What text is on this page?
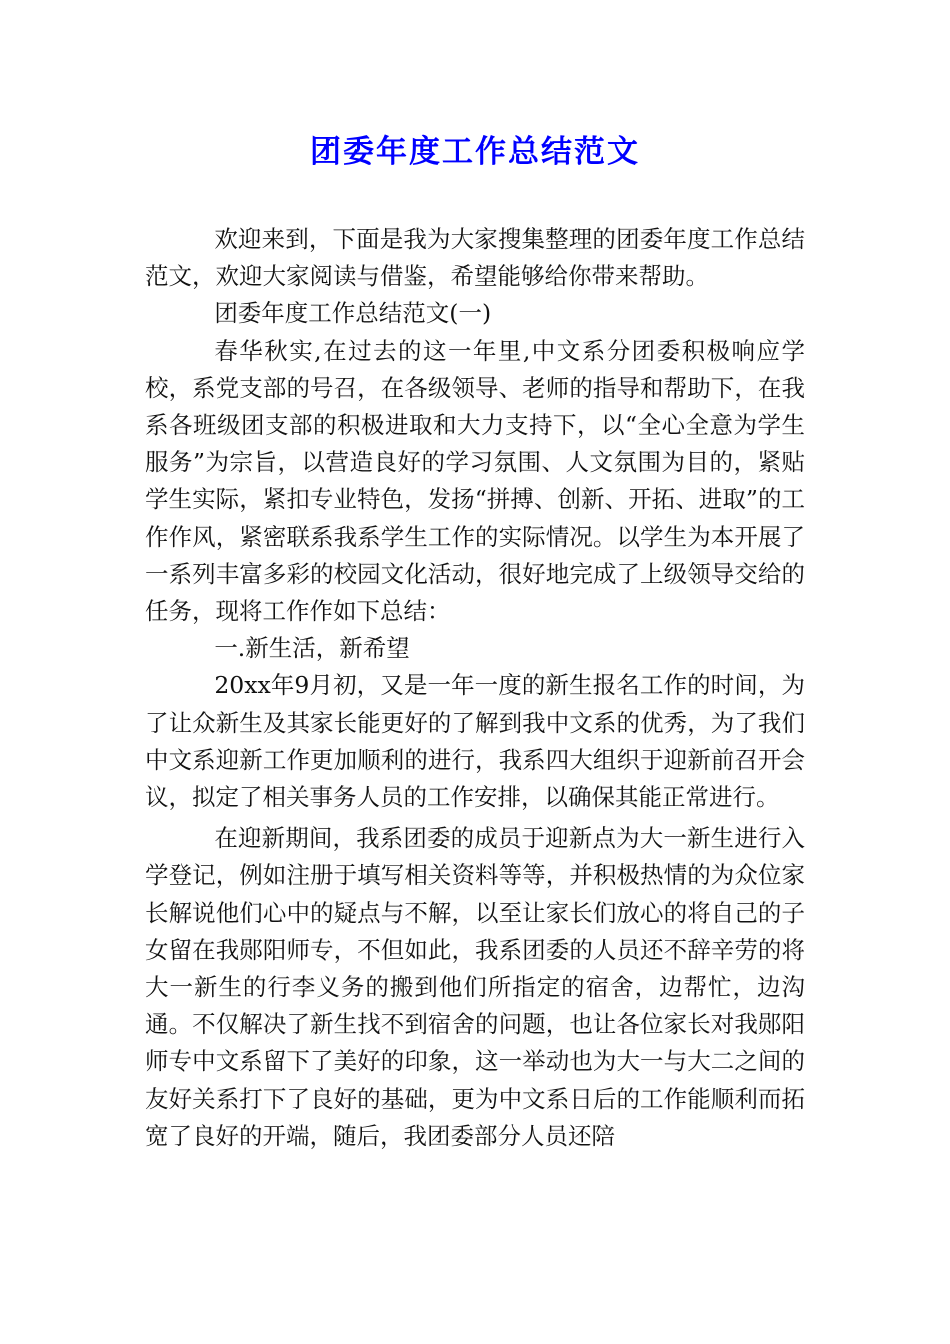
团委年度工作总结范文

欢迎来到，下面是我为大家搜集整理的团委年度工作总结范文，欢迎大家阅读与借鉴，希望能够给你带来帮助。

团委年度工作总结范文(一)

春华秋实,在过去的这一年里,中文系分团委积极响应学校，系党支部的号召，在各级领导、老师的指导和帮助下，在我系各班级团支部的积极进取和大力支持下，以“全心全意为学生服务”为宗旨，以营造良好的学习氛围、人文氛围为目的，紧贴学生实际，紧扣专业特色，发扬“拼搏、创新、开拓、进取”的工作作风，紧密联系我系学生工作的实际情况。以学生为本开展了一系列丰富多彩的校园文化活动，很好地完成了上级领导交给的任务，现将工作作如下总结：

一.新生活，新希望

20xx年9月初，又是一年一度的新生报名工作的时间，为了让众新生及其家长能更好的了解到我中文系的优秀，为了我们中文系迎新工作更加顺利的进行，我系四大组织于迎新前召开会议，拟定了相关事务人员的工作安排，以确保其能正常进行。

在迎新期间，我系团委的成员于迎新点为大一新生进行入学登记，例如注册于填写相关资料等等，并积极热情的为众位家长解说他们心中的疑点与不解，以至让家长们放心的将自己的子女留在我郧阳师专，不但如此，我系团委的人员还不辞辛劳的将大一新生的行李义务的搬到他们所指定的宿舍，边帮忙，边沟通。不仅解决了新生找不到宿舍的问题，也让各位家长对我郧阳师专中文系留下了美好的印象，这一举动也为大一与大二之间的友好关系打下了良好的基础，更为中文系日后的工作能顺利而拓宽了良好的开端，随后，我团委部分人员还陪
